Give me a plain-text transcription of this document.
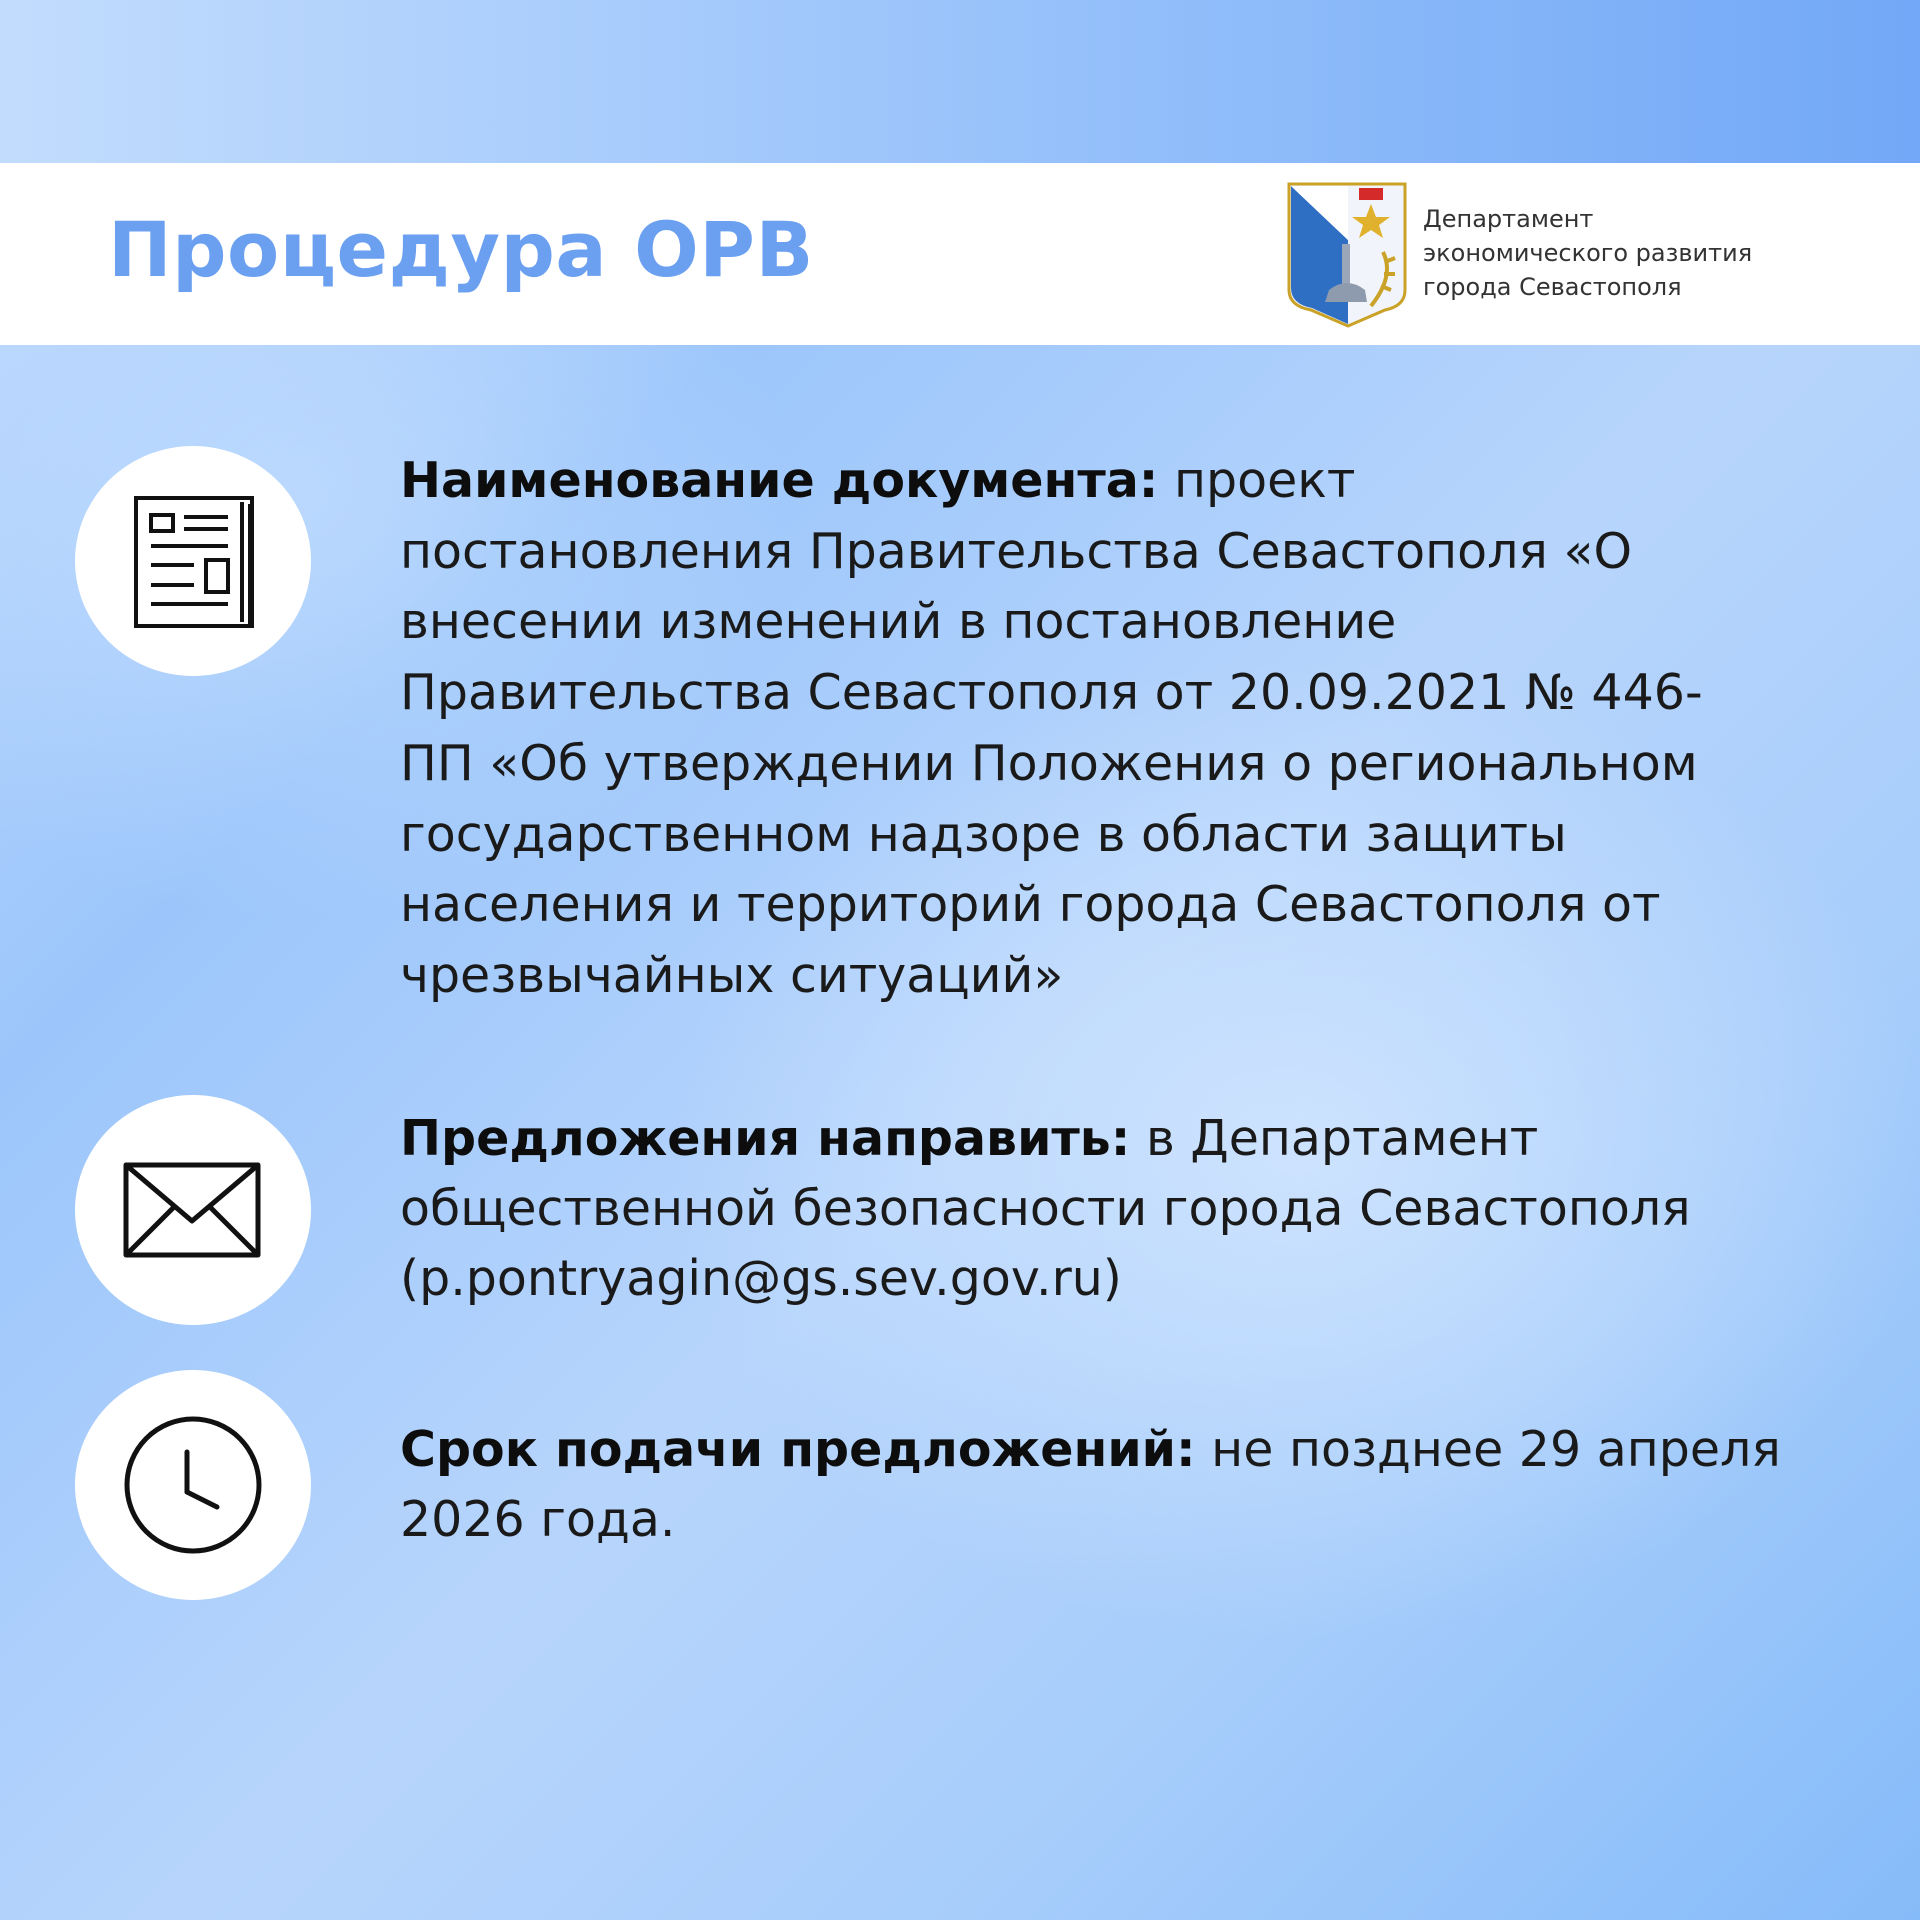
Процедура ОРВ	Департамент
экономического развития
города Севастополя
Наименование документа: проект
постановления Правительства Севастополя «О
внесении изменений в постановление
Правительства Севастополя от 20.09.2021 № 446-
ПП «Об утверждении Положения о региональном
государственном надзоре в области защиты
населения и территорий города Севастополя от
чрезвычайных ситуаций»
Предложения направить: в Департамент
общественной безопасности города Севастополя
(p.pontryagin@gs.sev.gov.ru)
Срок подачи предложений: не позднее 29 апреля
2026 года.
